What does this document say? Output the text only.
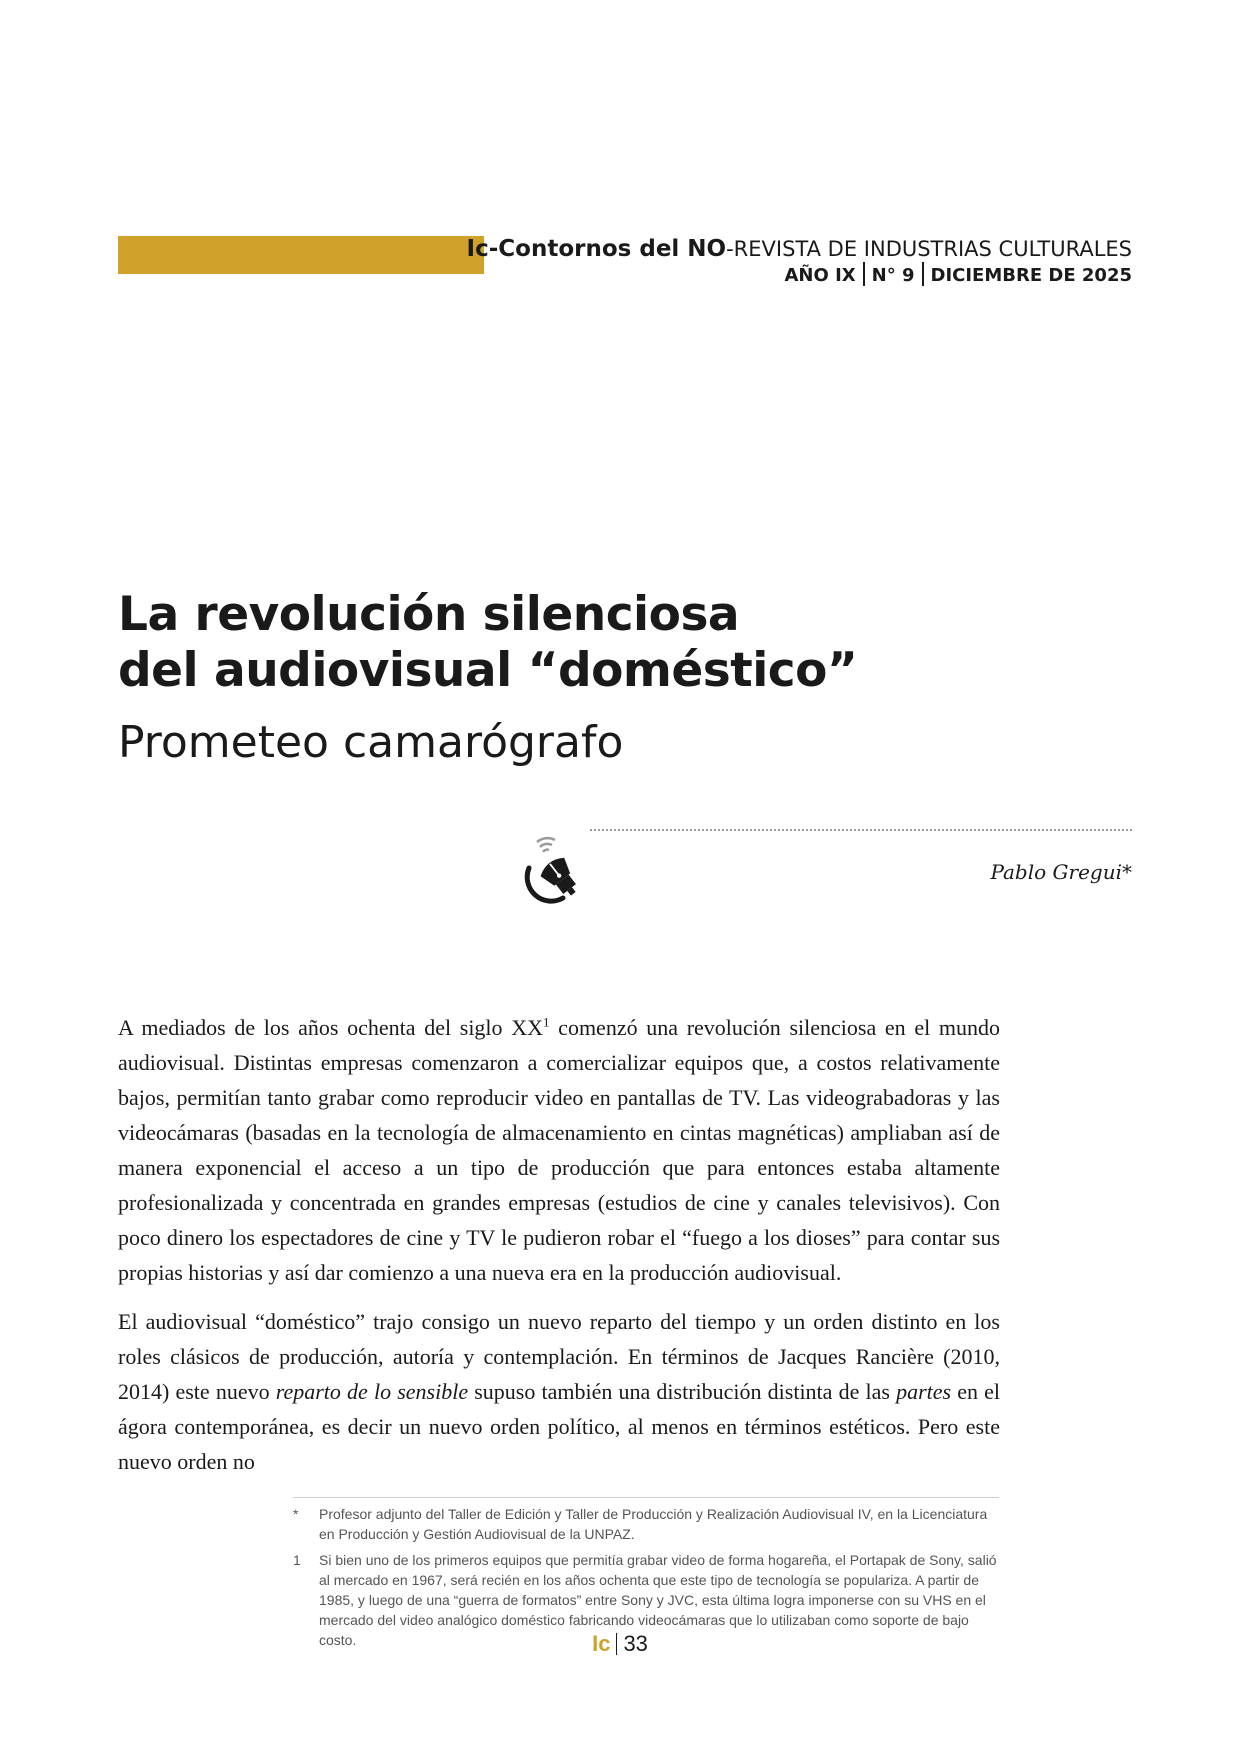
Ic-Contornos del NO-REVISTA DE INDUSTRIAS CULTURALES
AÑO IX N° 9 DICIEMBRE DE 2025
La revolución silenciosa
del audiovisual “doméstico”
Prometeo camarógrafo
Pablo Gregui*

A mediados de los años ochenta del siglo $XX^1$ comenzó una revolución silenciosa en el mundo audiovisual. Distintas empresas comenzaron a comercializar equipos que, a costos relativamente bajos, permitían tanto grabar como reproducir video en pantallas de TV. Las videograbadoras y las videocámaras (basadas en la tecnología de almacenamiento en cintas magnéticas) ampliaban así de manera exponencial el acceso a un tipo de producción que para entonces estaba altamente profesionalizada y concentrada en grandes empresas (estudios de cine y canales televisivos). Con poco dinero los espectadores de cine y TV le pudieron robar el “fuego a los dioses” para contar sus propias historias y así dar comienzo a una nueva era en la producción audiovisual.

El audiovisual “doméstico” trajo consigo un nuevo reparto del tiempo y un orden distinto en los roles clásicos de producción, autoría y contemplación. En términos de Jacques Rancière (2010, 2014) este nuevo reparto de lo sensible supuso también una distribución distinta de las partes en el ágora contemporánea, es decir un nuevo orden político, al menos en términos estéticos. Pero este nuevo orden no

*	Profesor adjunto del Taller de Edición y Taller de Producción y Realización Audiovisual IV, en la Licenciatura en Producción y Gestión Audiovisual de la UNPAZ.
1	Si bien uno de los primeros equipos que permitía grabar video de forma hogareña, el Portapak de Sony, salió al mercado en 1967, será recién en los años ochenta que este tipo de tecnología se populariza. A partir de 1985, y luego de una “guerra de formatos” entre Sony y JVC, esta última logra imponerse con su VHS en el mercado del video analógico doméstico fabricando videocámaras que lo utilizaban como soporte de bajo costo.	Ic 33
